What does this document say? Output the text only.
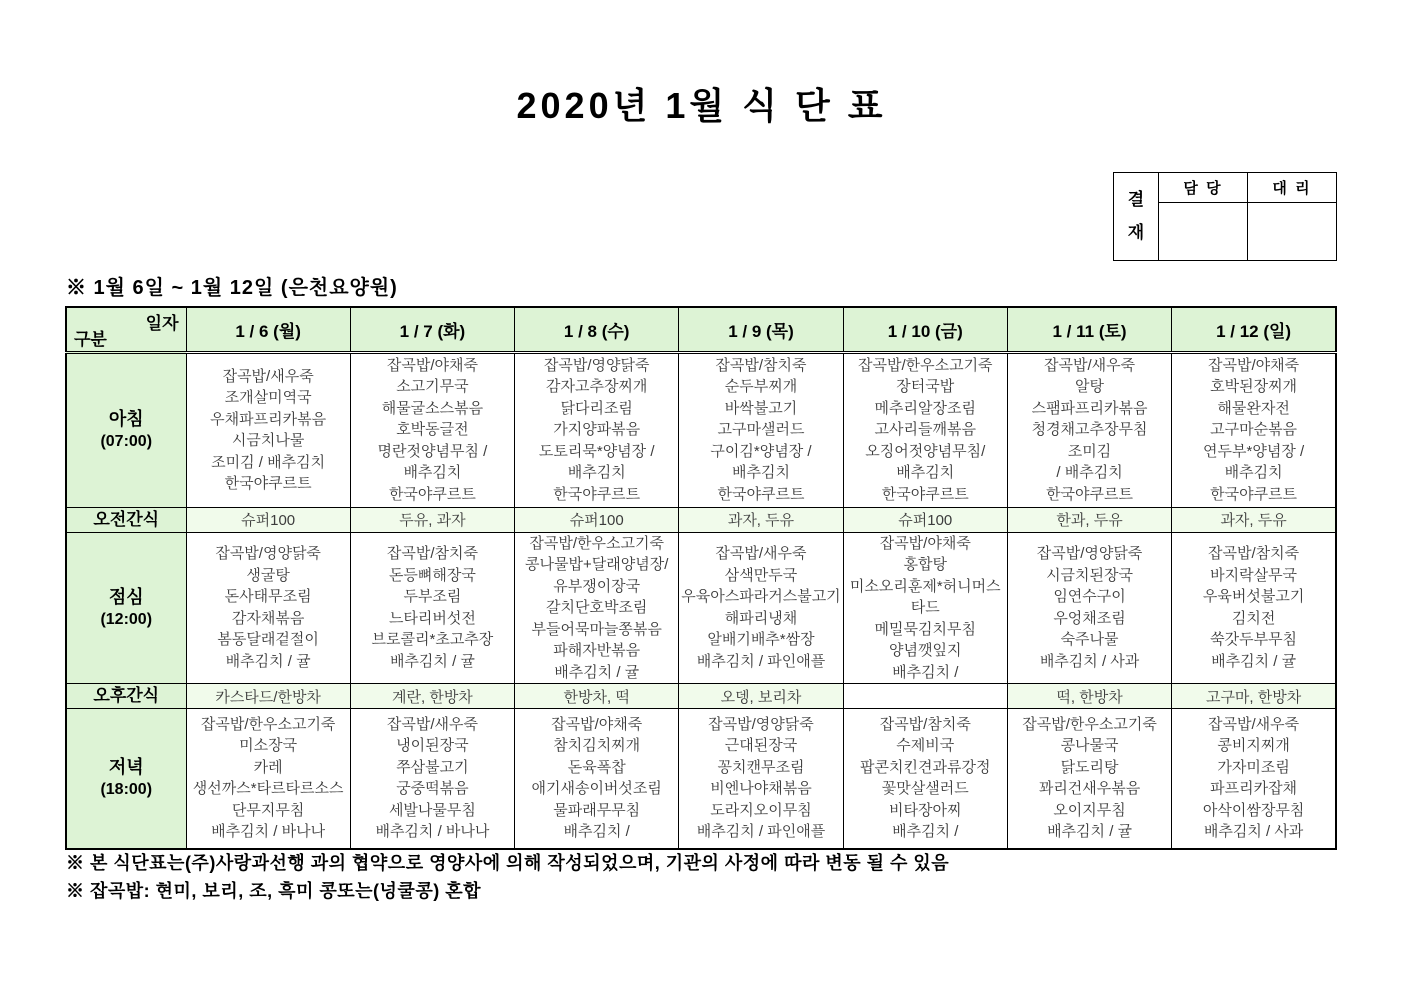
2020년 1월 식 단 표
결재
담 당	대 리
※ 1월 6일 ~ 1월 12일 (은천요양원)
일자
구분	1 / 6 (월)	1 / 7 (화)	1 / 8 (수)	1 / 9 (목)	1 / 10 (금)	1 / 11 (토)	1 / 12 (일)

아침
(07:00)

잡곡밥/새우죽
조개살미역국
우채파프리카볶음
시금치나물
조미김 / 배추김치
한국야쿠르트

잡곡밥/야채죽
소고기무국
해물굴소스볶음
호박동글전
명란젓양념무침 /
배추김치
한국야쿠르트

잡곡밥/영양닭죽
감자고추장찌개
닭다리조림
가지양파볶음
도토리묵*양념장 /
배추김치
한국야쿠르트

잡곡밥/참치죽
순두부찌개
바싹불고기
고구마샐러드
구이김*양념장 /
배추김치
한국야쿠르트

잡곡밥/한우소고기죽
장터국밥
메추리알장조림
고사리들깨볶음
오징어젓양념무침/
배추김치
한국야쿠르트

잡곡밥/새우죽
알탕
스팸파프리카볶음
청경채고추장무침
조미김
/ 배추김치
한국야쿠르트

잡곡밥/야채죽
호박된장찌개
해물완자전
고구마순볶음
연두부*양념장 /
배추김치
한국야쿠르트

오전간식	슈퍼100	두유, 과자	슈퍼100	과자, 두유	슈퍼100	한과, 두유	과자, 두유

점심
(12:00)

잡곡밥/영양닭죽
생굴탕
돈사태무조림
감자채볶음
봄동달래겉절이
배추김치 / 귤

잡곡밥/참치죽
돈등뼈해장국
두부조림
느타리버섯전
브로콜리*초고추장
배추김치 / 귤

잡곡밥/한우소고기죽
콩나물밥+달래양념장/
유부쟁이장국
갈치단호박조림
부들어묵마늘쫑볶음
파해자반볶음
배추김치 / 귤

잡곡밥/새우죽
삼색만두국
우육아스파라거스불고기
해파리냉채
알배기배추*쌈장
배추김치 / 파인애플

잡곡밥/야채죽
홍합탕
미소오리훈제*허니머스타드
메밀묵김치무침
양념깻잎지
배추김치 /

잡곡밥/영양닭죽
시금치된장국
임연수구이
우엉채조림
숙주나물
배추김치 / 사과

잡곡밥/참치죽
바지락살무국
우육버섯불고기
김치전
쑥갓두부무침
배추김치 / 귤

오후간식	카스타드/한방차	계란, 한방차	한방차, 떡	오뎅, 보리차		떡, 한방차	고구마, 한방차

저녁
(18:00)

잡곡밥/한우소고기죽
미소장국
카레
생선까스*타르타르소스
단무지무침
배추김치 / 바나나

잡곡밥/새우죽
냉이된장국
쭈삼불고기
궁중떡볶음
세발나물무침
배추김치 / 바나나

잡곡밥/야채죽
참치김치찌개
돈육폭찹
애기새송이버섯조림
물파래무무침
배추김치 /

잡곡밥/영양닭죽
근대된장국
꽁치캔무조림
비엔나야채볶음
도라지오이무침
배추김치 / 파인애플

잡곡밥/참치죽
수제비국
팝콘치킨견과류강정
꽃맛살샐러드
비타장아찌
배추김치 /

잡곡밥/한우소고기죽
콩나물국
닭도리탕
꽈리건새우볶음
오이지무침
배추김치 / 귤

잡곡밥/새우죽
콩비지찌개
가자미조림
파프리카잡채
아삭이쌈장무침
배추김치 / 사과
※ 본 식단표는(주)사랑과선행 과의 협약으로 영양사에 의해 작성되었으며, 기관의 사정에 따라 변동 될 수 있음
※ 잡곡밥: 현미, 보리, 조, 흑미 콩또는(넝쿨콩) 혼합
